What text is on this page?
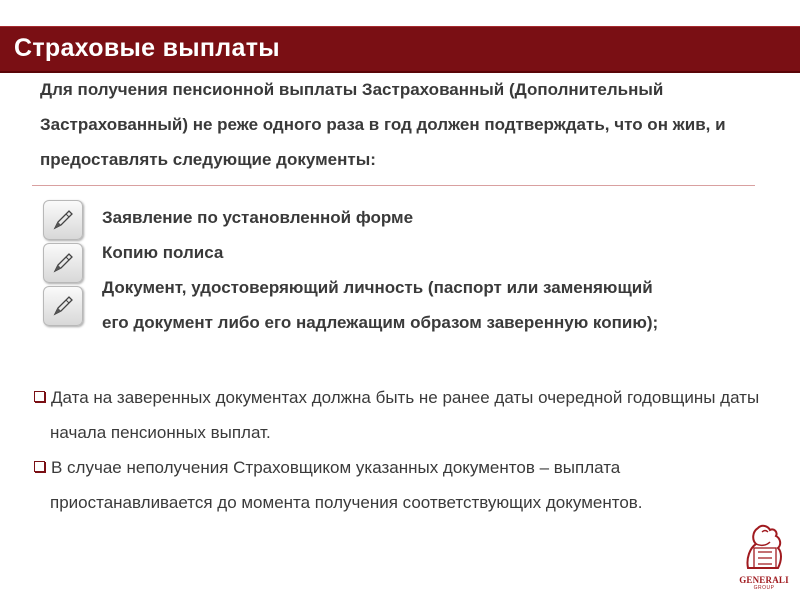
Страховые выплаты
Для получения пенсионной выплаты Застрахованный (Дополнительный Застрахованный) не реже одного раза в год должен подтверждать, что он жив, и предоставлять следующие документы:
Заявление по установленной форме
Копию полиса
Документ, удостоверяющий личность (паспорт или заменяющий его документ либо его надлежащим образом заверенную копию);
Дата на заверенных документах должна быть не ранее даты очередной годовщины даты начала пенсионных выплат.
В случае неполучения Страховщиком указанных документов – выплата приостанавливается до момента получения соответствующих документов.
GENERALI
GROUP
